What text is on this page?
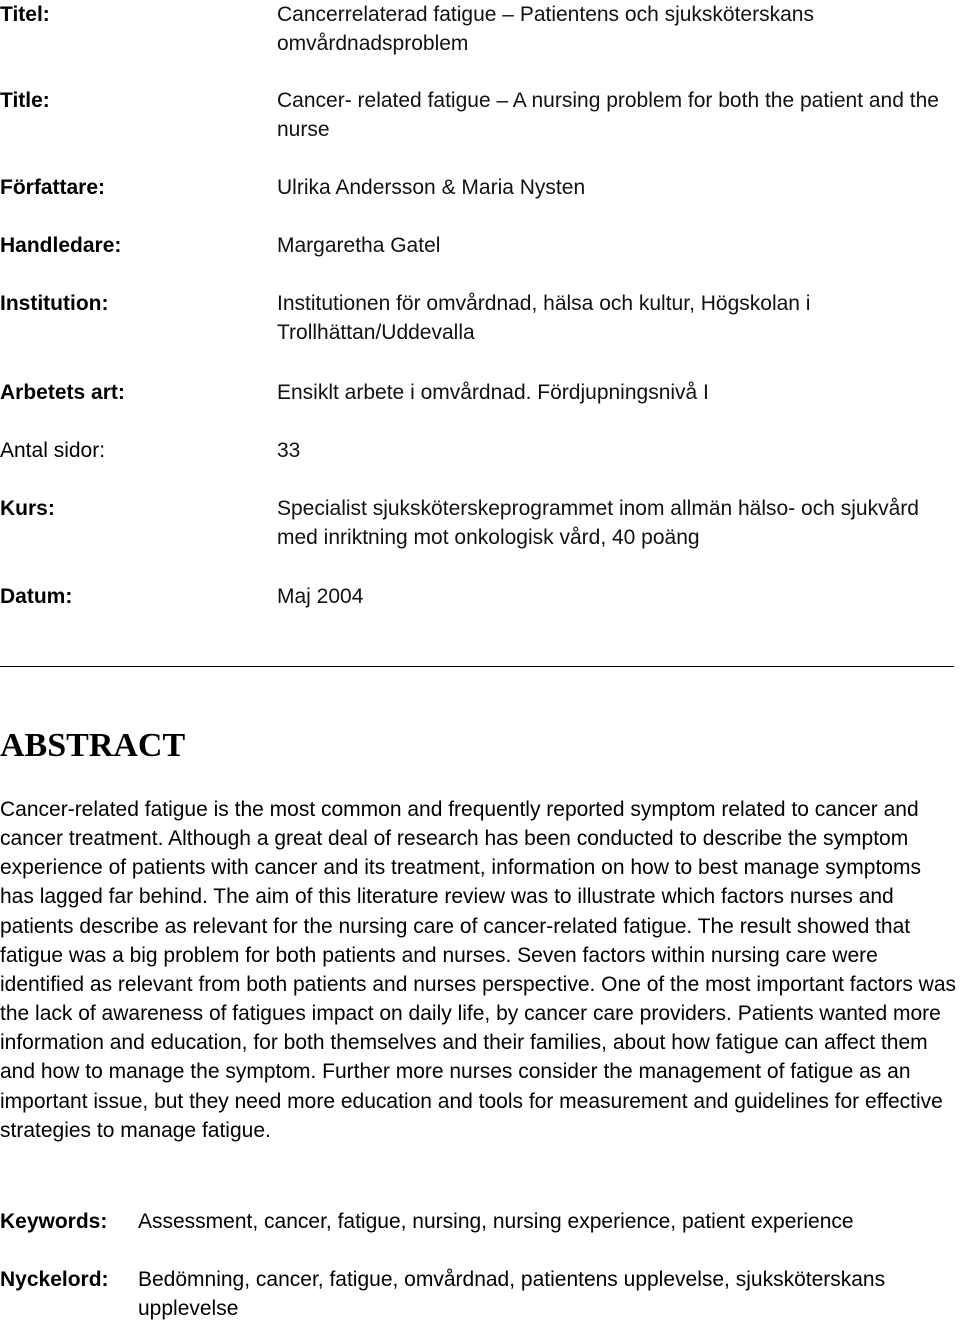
Titel:	Cancerrelaterad fatigue – Patientens och sjuksköterskans omvårdnadsproblem
Title:	Cancer- related fatigue – A nursing problem for both the patient and the nurse
Författare:	Ulrika Andersson & Maria Nysten
Handledare:	Margaretha Gatel
Institution:	Institutionen för omvårdnad, hälsa och kultur, Högskolan i Trollhättan/Uddevalla
Arbetets art:	Ensiklt arbete i omvårdnad. Fördjupningsnivå I
Antal sidor:	33
Kurs:	Specialist sjuksköterskeprogrammet inom allmän hälso- och sjukvård med inriktning mot onkologisk vård, 40 poäng
Datum:	Maj 2004
ABSTRACT

Cancer-related fatigue is the most common and frequently reported symptom related to cancer and cancer treatment. Although a great deal of research has been conducted to describe the symptom experience of patients with cancer and its treatment, information on how to best manage symptoms has lagged far behind. The aim of this literature review was to illustrate which factors nurses and patients describe as relevant for the nursing care of cancer-related fatigue. The result showed that fatigue was a big problem for both patients and nurses. Seven factors within nursing care were identified as relevant from both patients and nurses perspective. One of the most important factors was the lack of awareness of fatigues impact on daily life, by cancer care providers. Patients wanted more information and education, for both themselves and their families, about how fatigue can affect them and how to manage the symptom. Further more nurses consider the management of fatigue as an important issue, but they need more education and tools for measurement and guidelines for effective strategies to manage fatigue.

Keywords: Assessment, cancer, fatigue, nursing, nursing experience, patient experience
Nyckelord: Bedömning, cancer, fatigue, omvårdnad, patientens upplevelse, sjuksköterskans upplevelse
